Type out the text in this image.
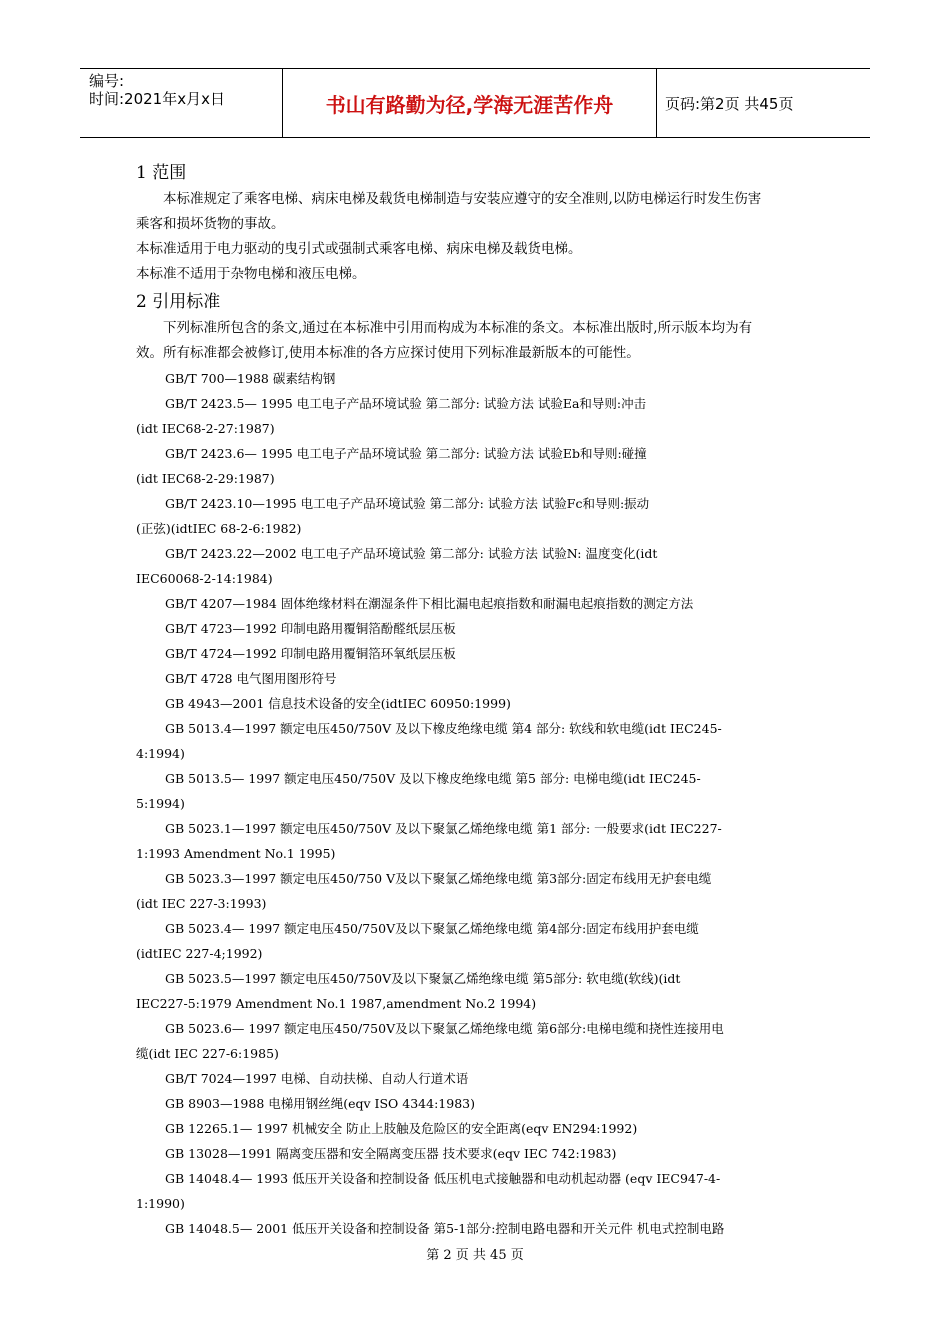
编号:
时间:2021年x月x日	书山有路勤为径,学海无涯苦作舟	页码:第2页 共45页
1 范围
本标准规定了乘客电梯、病床电梯及载货电梯制造与安装应遵守的安全准则,以防电梯运行时发生伤害
乘客和损坏货物的事故。
本标准适用于电力驱动的曳引式或强制式乘客电梯、病床电梯及载货电梯。
本标准不适用于杂物电梯和液压电梯。
2 引用标准
下列标准所包含的条文,通过在本标准中引用而构成为本标准的条文。本标准出版时,所示版本均为有
效。所有标准都会被修订,使用本标准的各方应探讨使用下列标准最新版本的可能性。
GB/T 700—1988 碳素结构钢
GB/T 2423.5— 1995 电工电子产品环境试验 第二部分: 试验方法 试验Ea和导则:冲击
(idt IEC68-2-27:1987)
GB/T 2423.6— 1995 电工电子产品环境试验 第二部分: 试验方法 试验Eb和导则:碰撞
(idt IEC68-2-29:1987)
GB/T 2423.10—1995 电工电子产品环境试验 第二部分: 试验方法 试验Fc和导则:振动
(正弦)(idtIEC 68-2-6:1982)
GB/T 2423.22—2002 电工电子产品环境试验 第二部分: 试验方法 试验N: 温度变化(idt
IEC60068-2-14:1984)
GB/T 4207—1984 固体绝缘材料在潮湿条件下相比漏电起痕指数和耐漏电起痕指数的测定方法
GB/T 4723—1992 印制电路用覆铜箔酚醛纸层压板
GB/T 4724—1992 印制电路用覆铜箔环氧纸层压板
GB/T 4728 电气图用图形符号
GB 4943—2001 信息技术设备的安全(idtIEC 60950:1999)
GB 5013.4—1997 额定电压450/750V 及以下橡皮绝缘电缆 第4 部分: 软线和软电缆(idt IEC245-
4:1994)
GB 5013.5— 1997 额定电压450/750V 及以下橡皮绝缘电缆 第5 部分: 电梯电缆(idt IEC245-
5:1994)
GB 5023.1—1997 额定电压450/750V 及以下聚氯乙烯绝缘电缆 第1 部分: 一般要求(idt IEC227-
1:1993 Amendment No.1 1995)
GB 5023.3—1997 额定电压450/750 V及以下聚氯乙烯绝缘电缆 第3部分:固定布线用无护套电缆
(idt IEC 227-3:1993)
GB 5023.4— 1997 额定电压450/750V及以下聚氯乙烯绝缘电缆 第4部分:固定布线用护套电缆
(idtIEC 227-4;1992)
GB 5023.5—1997 额定电压450/750V及以下聚氯乙烯绝缘电缆 第5部分: 软电缆(软线)(idt
IEC227-5:1979 Amendment No.1 1987,amendment No.2 1994)
GB 5023.6— 1997 额定电压450/750V及以下聚氯乙烯绝缘电缆 第6部分:电梯电缆和挠性连接用电
缆(idt IEC 227-6:1985)
GB/T 7024—1997 电梯、自动扶梯、自动人行道术语
GB 8903—1988 电梯用钢丝绳(eqv ISO 4344:1983)
GB 12265.1— 1997 机械安全 防止上肢触及危险区的安全距离(eqv EN294:1992)
GB 13028—1991 隔离变压器和安全隔离变压器 技术要求(eqv IEC 742:1983)
GB 14048.4— 1993 低压开关设备和控制设备 低压机电式接触器和电动机起动器 (eqv IEC947-4-
1:1990)
GB 14048.5— 2001 低压开关设备和控制设备 第5-1部分:控制电路电器和开关元件 机电式控制电路
第 2 页 共 45 页
